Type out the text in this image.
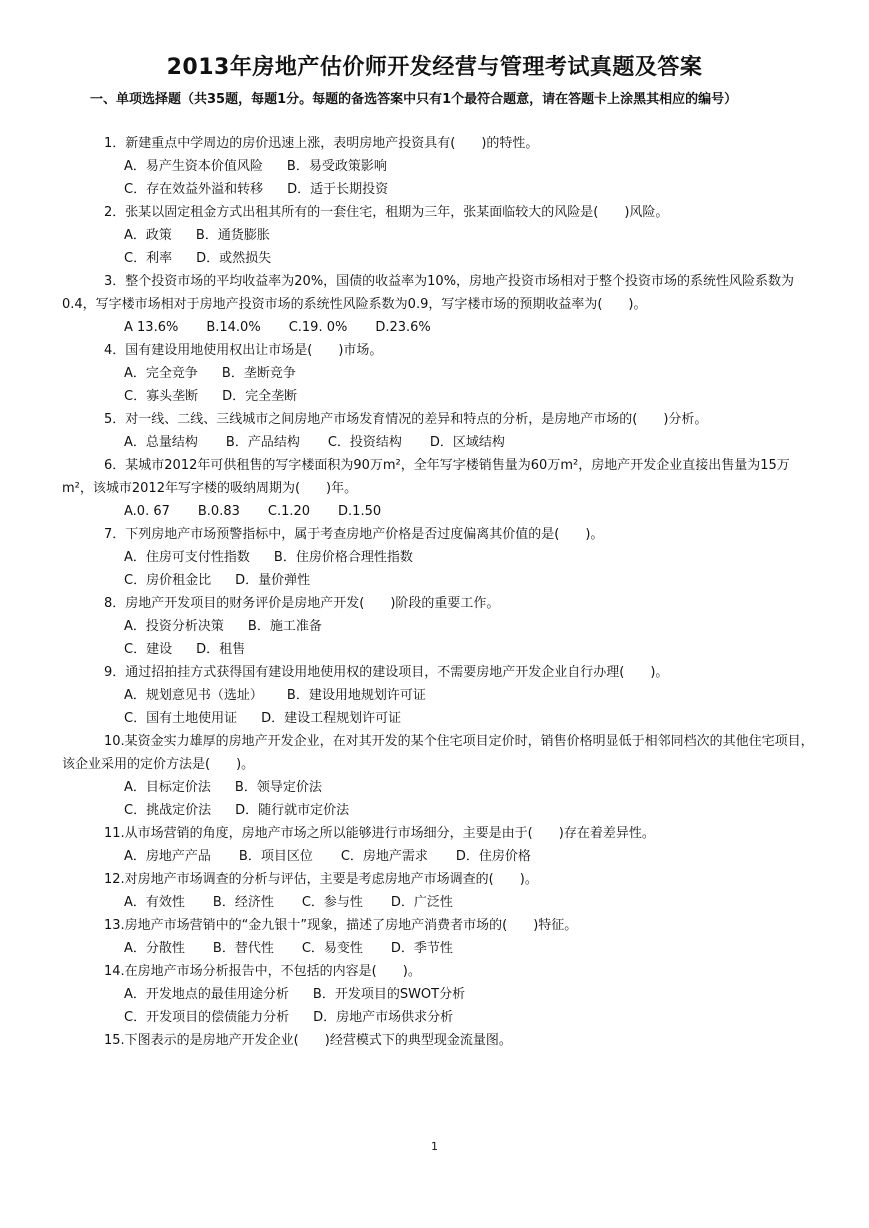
2013年房地产估价师开发经营与管理考试真题及答案
一、单项选择题（共35题，每题1分。每题的备选答案中只有1个最符合题意，请在答题卡上涂黑其相应的编号）
1．新建重点中学周边的房价迅速上涨，表明房地产投资具有(　　)的特性。
A．易产生资本价值风险 B．易受政策影响
C．存在效益外溢和转移 D．适于长期投资
2．张某以固定租金方式出租其所有的一套住宅，租期为三年，张某面临较大的风险是(　　)风险。
A．政策 B．通货膨胀
C．利率 D．或然损失
3．整个投资市场的平均收益率为20%，国债的收益率为10%，房地产投资市场相对于整个投资市场的系统性风险系数为0.4，写字楼市场相对于房地产投资市场的系统性风险系数为0.9，写字楼市场的预期收益率为(　　)。
A 13.6% B.14.0% C.19. 0% D.23.6%
4．国有建设用地使用权出让市场是(　　)市场。
A．完全竞争 B．垄断竞争
C．寡头垄断 D．完全垄断
5．对一线、二线、三线城市之间房地产市场发育情况的差异和特点的分析，是房地产市场的(　　)分析。
A．总量结构 B．产品结构 C．投资结构 D．区域结构
6．某城市2012年可供租售的写字楼面积为90万m²，全年写字楼销售量为60万m²，房地产开发企业直接出售量为15万m²，该城市2012年写字楼的吸纳周期为(　　)年。
A.0. 67 B.0.83 C.1.20 D.1.50
7．下列房地产市场预警指标中，属于考查房地产价格是否过度偏离其价值的是(　　)。
A．住房可支付性指数 B．住房价格合理性指数
C．房价租金比 D．量价弹性
8．房地产开发项目的财务评价是房地产开发(　　)阶段的重要工作。
A．投资分析决策 B．施工准备
C．建设 D．租售
9．通过招拍挂方式获得国有建设用地使用权的建设项目，不需要房地产开发企业自行办理(　　)。
A．规划意见书（选址） B．建设用地规划许可证
C．国有土地使用证 D．建设工程规划许可证
10.某资金实力雄厚的房地产开发企业，在对其开发的某个住宅项目定价时，销售价格明显低于相邻同档次的其他住宅项目，该企业采用的定价方法是(　　)。
A．目标定价法 B．领导定价法
C．挑战定价法 D．随行就市定价法
11.从市场营销的角度，房地产市场之所以能够进行市场细分，主要是由于(　　)存在着差异性。
A．房地产产品 B．项目区位 C．房地产需求 D．住房价格
12.对房地产市场调查的分析与评估，主要是考虑房地产市场调查的(　　)。
A．有效性 B．经济性 C．参与性 D．广泛性
13.房地产市场营销中的“金九银十”现象，描述了房地产消费者市场的(　　)特征。
A．分散性 B．替代性 C．易变性 D．季节性
14.在房地产市场分析报告中，不包括的内容是(　　)。
A．开发地点的最佳用途分析 B．开发项目的SWOT分析
C．开发项目的偿债能力分析 D．房地产市场供求分析
15.下图表示的是房地产开发企业(　　)经营模式下的典型现金流量图。
1
